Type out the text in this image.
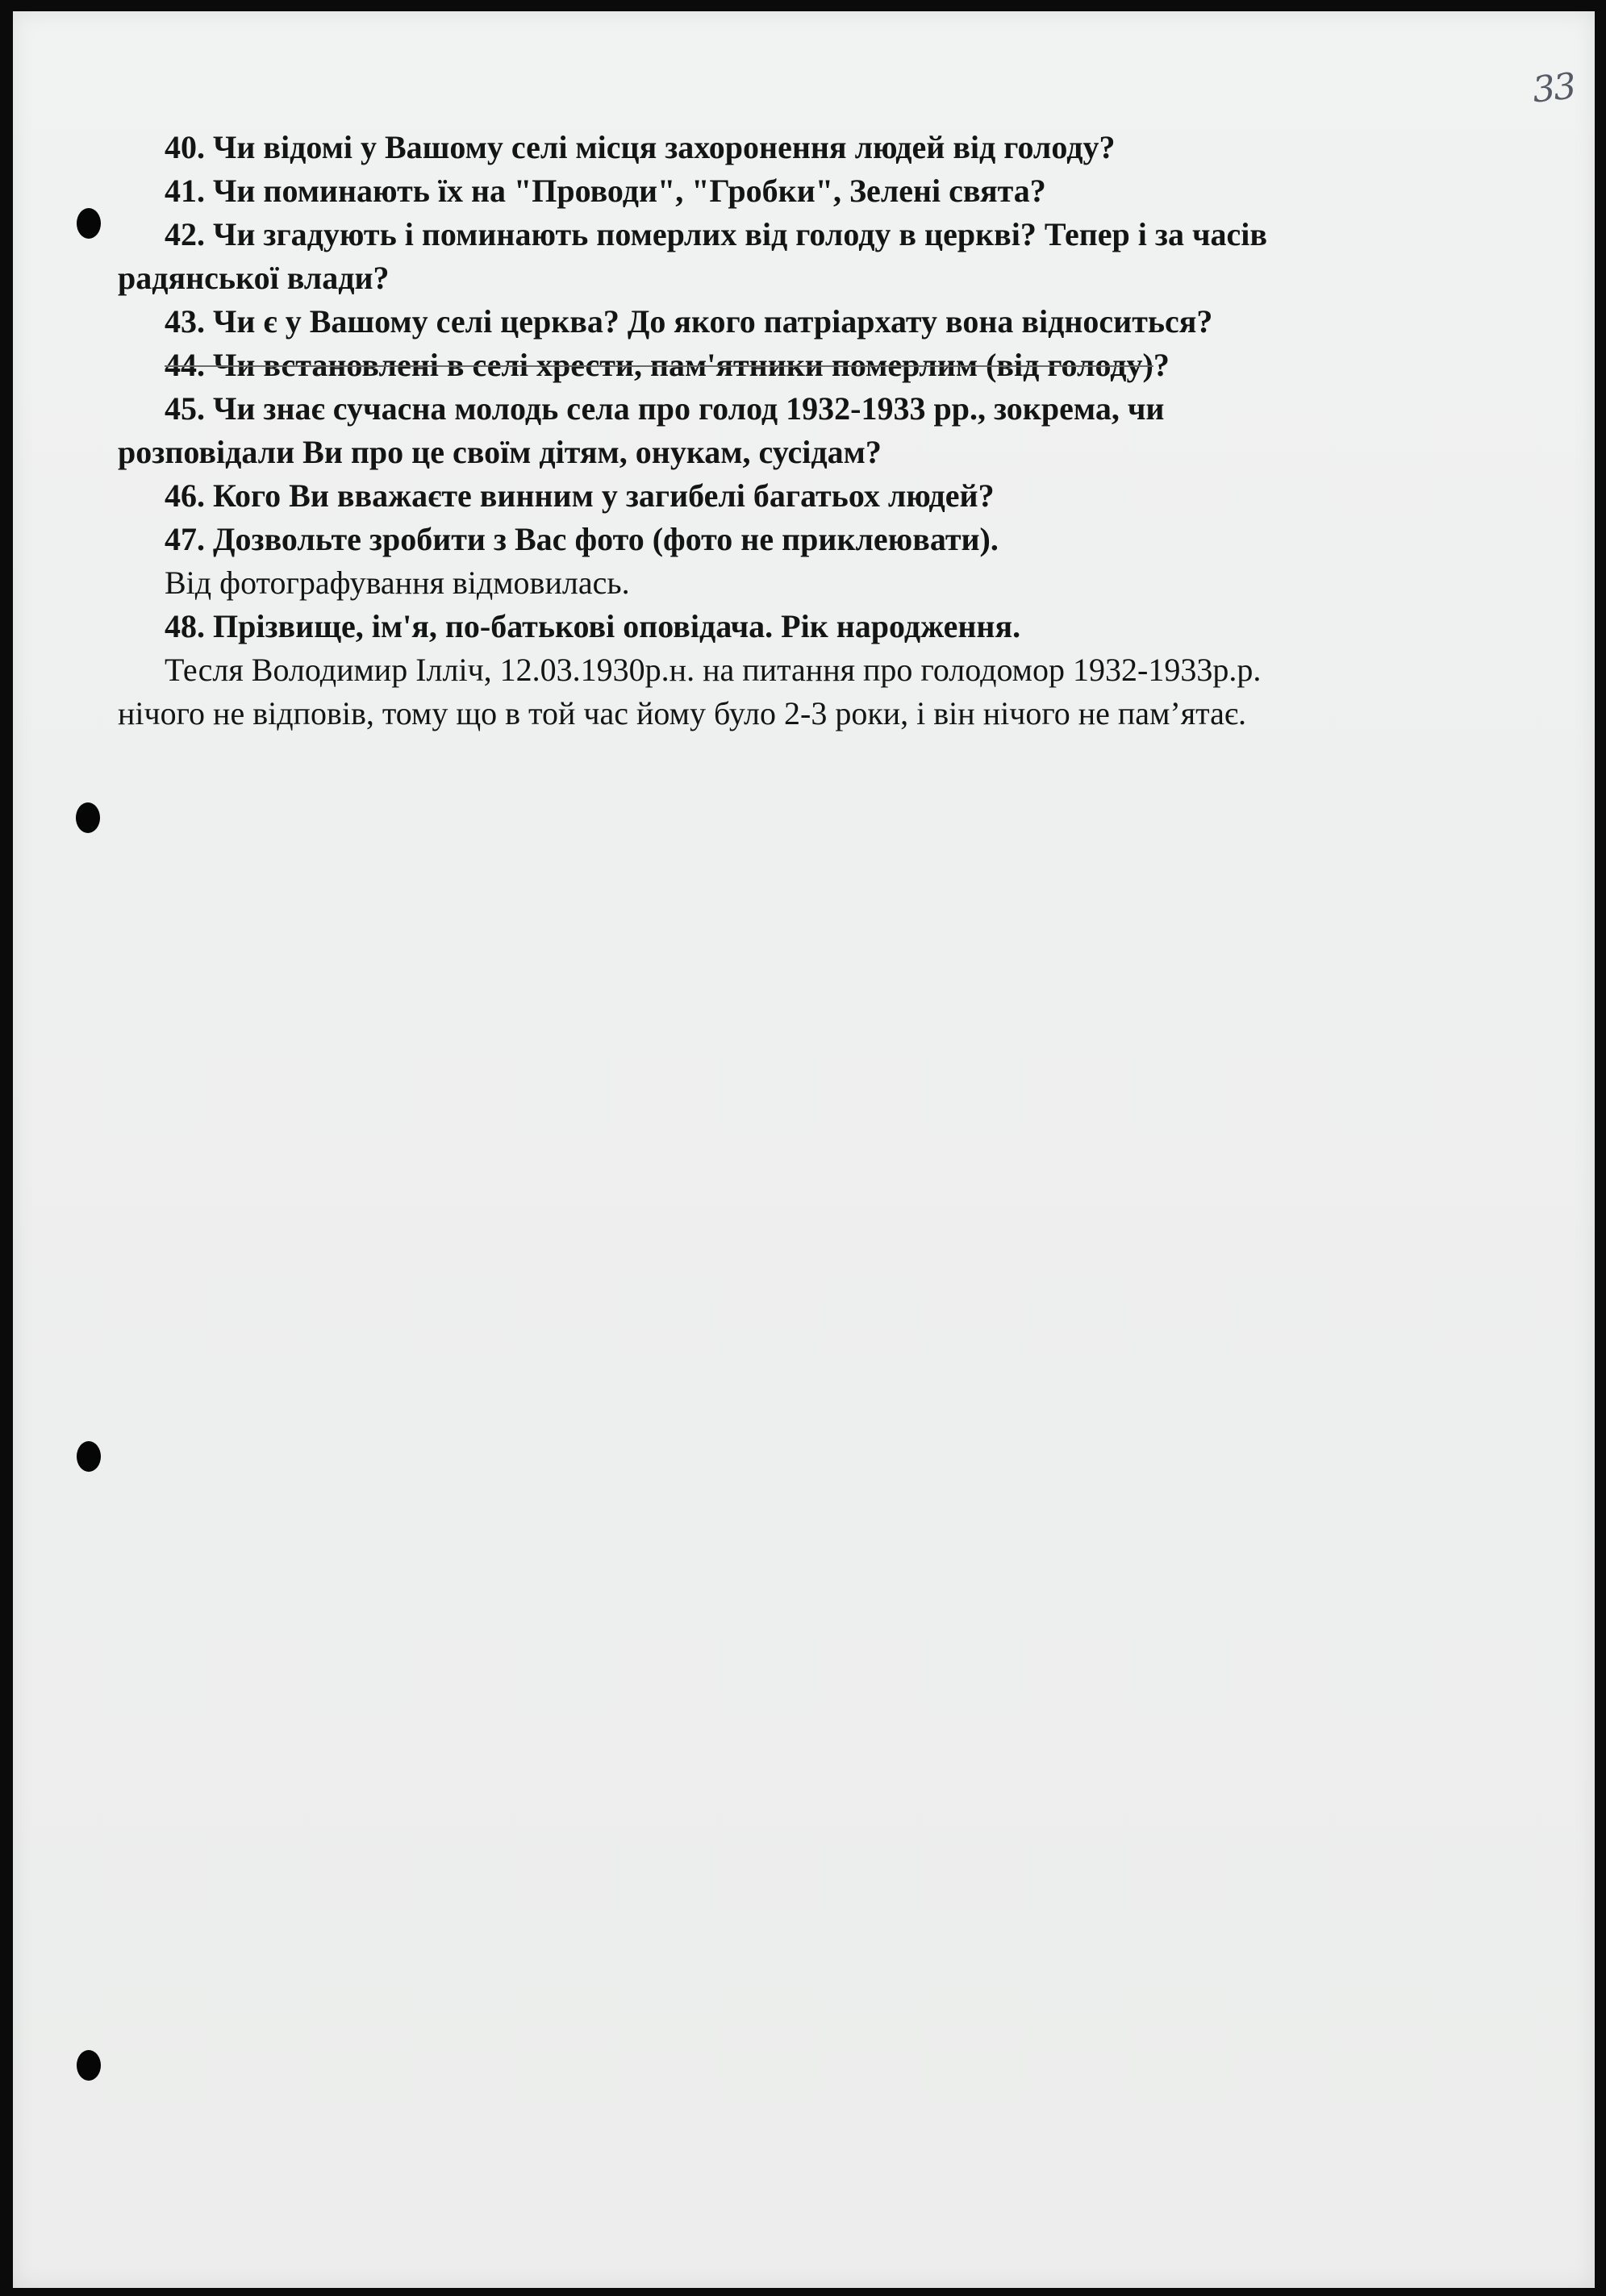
33

40. Чи відомі у Вашому селі місця захоронення людей від голоду?

41. Чи поминають їх на "Проводи", "Гробки", Зелені свята?

42. Чи згадують і поминають померлих від голоду в церкві? Тепер і за часів

радянської влади?

43. Чи є у Вашому селі церква? До якого патріархату вона відноситься?

44. Чи встановлені в селі хрести, пам'ятники померлим (від голоду)?

45. Чи знає сучасна молодь села про голод 1932-1933 рр., зокрема, чи

розповідали Ви про це своїм дітям, онукам, сусідам?

46. Кого Ви вважаєте винним у загибелі багатьох людей?

47. Дозвольте зробити з Вас фото (фото не приклеювати).

Від фотографування відмовилась.

48. Прізвище, ім'я, по-батькові оповідача. Рік народження.

Тесля Володимир Ілліч, 12.03.1930р.н. на питання про голодомор 1932-1933р.р.

нічого не відповів, тому що в той час йому було 2-3 роки, і він нічого не пам’ятає.
